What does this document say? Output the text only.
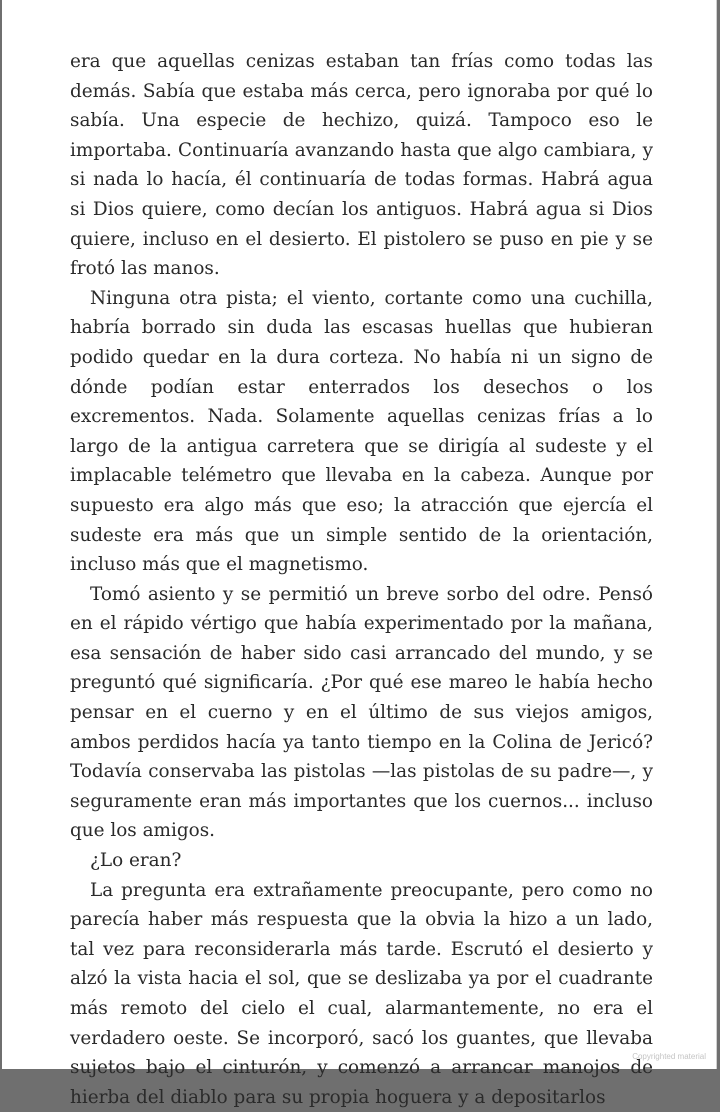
era que aquellas cenizas estaban tan frías como todas las demás. Sabía que estaba más cerca, pero ignoraba por qué lo sabía. Una especie de hechizo, quizá. Tampoco eso le importaba. Continuaría avanzando hasta que algo cambiara, y si nada lo hacía, él continuaría de todas formas. Habrá agua si Dios quiere, como decían los antiguos. Habrá agua si Dios quiere, incluso en el desierto. El pistolero se puso en pie y se frotó las manos.

Ninguna otra pista; el viento, cortante como una cuchilla, habría borrado sin duda las escasas huellas que hubieran podido quedar en la dura corteza. No había ni un signo de dónde podían estar enterrados los desechos o los excrementos. Nada. Solamente aquellas cenizas frías a lo largo de la antigua carretera que se dirigía al sudeste y el implacable telémetro que llevaba en la cabeza. Aunque por supuesto era algo más que eso; la atracción que ejercía el sudeste era más que un simple sentido de la orientación, incluso más que el magnetismo.

Tomó asiento y se permitió un breve sorbo del odre. Pensó en el rápido vértigo que había experimentado por la mañana, esa sensación de haber sido casi arrancado del mundo, y se preguntó qué significaría. ¿Por qué ese mareo le había hecho pensar en el cuerno y en el último de sus viejos amigos, ambos perdidos hacía ya tanto tiempo en la Colina de Jericó? Todavía conservaba las pistolas —las pistolas de su padre—, y seguramente eran más importantes que los cuernos... incluso que los amigos.

¿Lo eran?

La pregunta era extrañamente preocupante, pero como no parecía haber más respuesta que la obvia la hizo a un lado, tal vez para reconsiderarla más tarde. Escrutó el desierto y alzó la vista hacia el sol, que se deslizaba ya por el cuadrante más remoto del cielo el cual, alarmantemente, no era el verdadero oeste. Se incorporó, sacó los guantes, que llevaba sujetos bajo el cinturón, y comenzó a arrancar manojos de hierba del diablo para su propia hoguera y a depositarlos

Copyrighted material
